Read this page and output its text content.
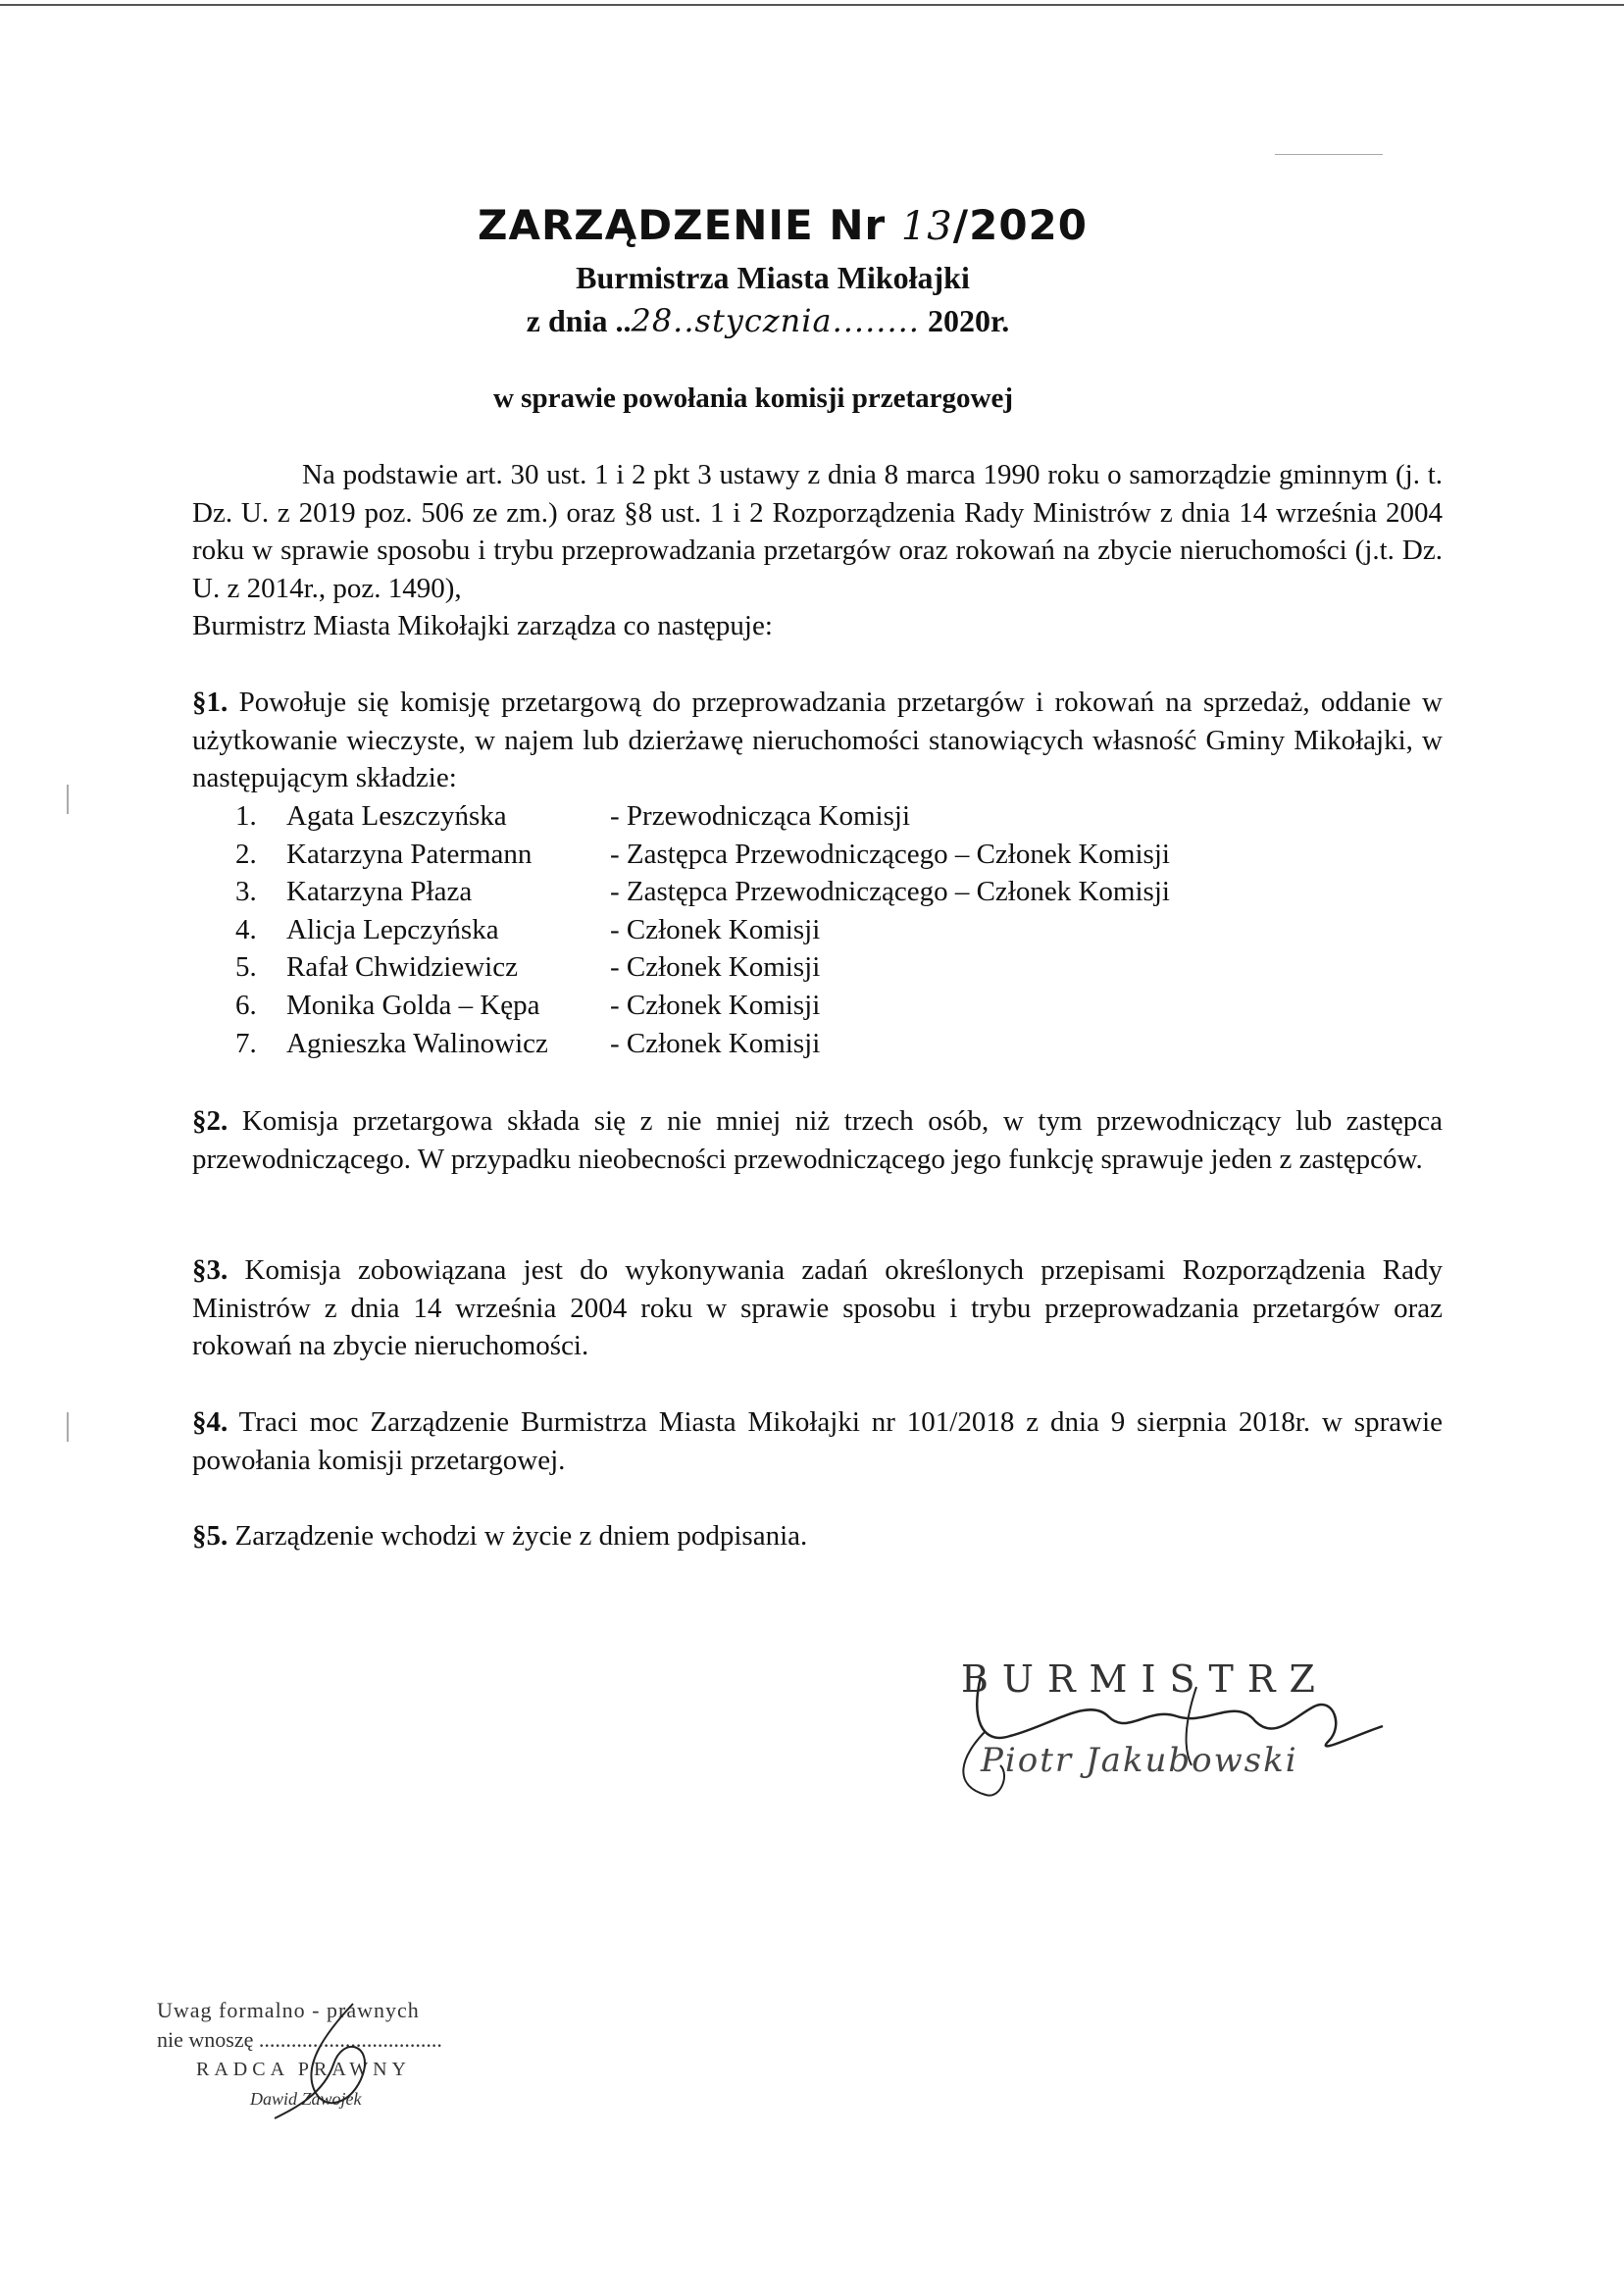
ZARZĄDZENIE Nr 13/2020
Burmistrza Miasta Mikołajki
z dnia ..28..stycznia........ 2020r.
w sprawie powołania komisji przetargowej
Na podstawie art. 30 ust. 1 i 2 pkt 3 ustawy z dnia 8 marca 1990 roku o samorządzie gminnym (j. t. Dz. U. z 2019 poz. 506 ze zm.) oraz §8 ust. 1 i 2 Rozporządzenia Rady Ministrów z dnia 14 września 2004 roku w sprawie sposobu i trybu przeprowadzania przetargów oraz rokowań na zbycie nieruchomości (j.t. Dz. U. z 2014r., poz. 1490),
Burmistrz Miasta Mikołajki zarządza co następuje:
§1. Powołuje się komisję przetargową do przeprowadzania przetargów i rokowań na sprzedaż, oddanie w użytkowanie wieczyste, w najem lub dzierżawę nieruchomości stanowiących własność Gminy Mikołajki, w następującym składzie:
1.	Agata Leszczyńska	- Przewodnicząca Komisji
2.	Katarzyna Patermann	- Zastępca Przewodniczącego – Członek Komisji
3.	Katarzyna Płaza	- Zastępca Przewodniczącego – Członek Komisji
4.	Alicja Lepczyńska	- Członek Komisji
5.	Rafał Chwidziewicz	- Członek Komisji
6.	Monika Golda – Kępa	- Członek Komisji
7.	Agnieszka Walinowicz	- Członek Komisji
§2. Komisja przetargowa składa się z nie mniej niż trzech osób, w tym przewodniczący lub zastępca przewodniczącego. W przypadku nieobecności przewodniczącego jego funkcję sprawuje jeden z zastępców.
§3. Komisja zobowiązana jest do wykonywania zadań określonych przepisami Rozporządzenia Rady Ministrów z dnia 14 września 2004 roku w sprawie sposobu i trybu przeprowadzania przetargów oraz rokowań na zbycie nieruchomości.
§4. Traci moc Zarządzenie Burmistrza Miasta Mikołajki nr 101/2018 z dnia 9 sierpnia 2018r. w sprawie powołania komisji przetargowej.
§5. Zarządzenie wchodzi w życie z dniem podpisania.
BURMISTRZ
Piotr Jakubowski
Uwag formalno - prawnych
nie wnoszę ..................................
RADCA PRAWNY
Dawid Zawojek
